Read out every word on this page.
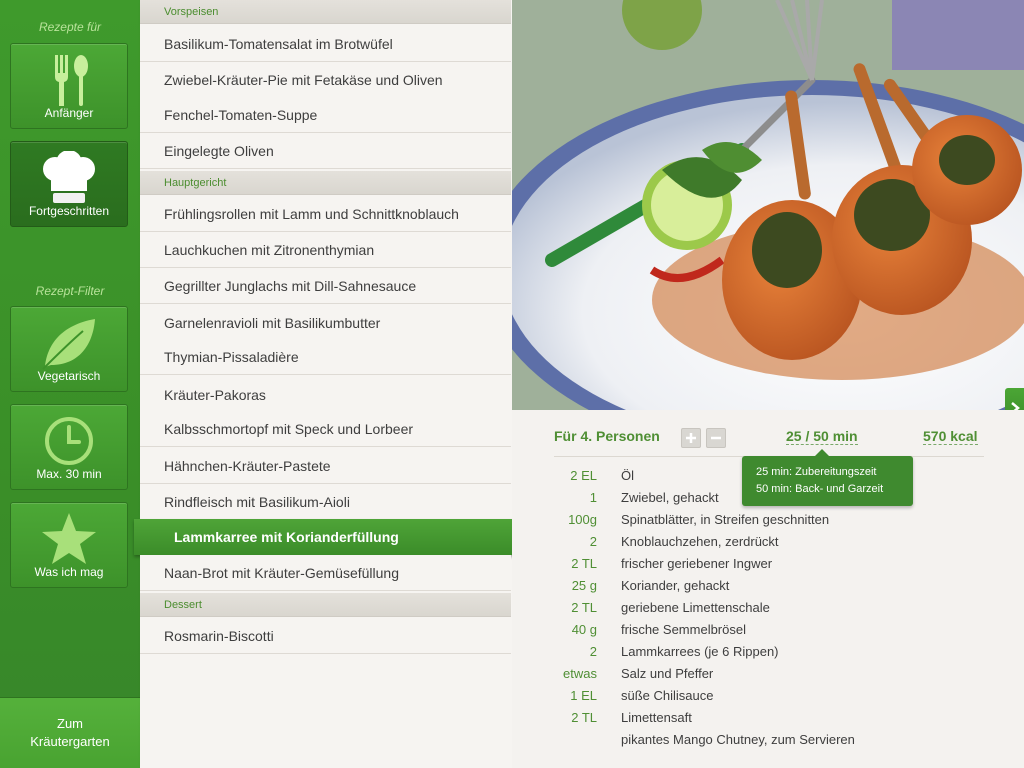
Rezepte für
Anfänger
Fortgeschritten
Rezept-Filter
Vegetarisch
Max. 30 min
Was ich mag
Zum
Kräutergarten
Vorspeisen
Basilikum-Tomatensalat im Brotwüfel
Zwiebel-Kräuter-Pie mit Fetakäse und Oliven
Fenchel-Tomaten-Suppe
Eingelegte Oliven
Hauptgericht
Frühlingsrollen mit Lamm und Schnittknoblauch
Lauchkuchen mit Zitronenthymian
Gegrillter Junglachs mit Dill-Sahnesauce
Garnelenravioli mit Basilikumbutter
Thymian-Pissaladière
Kräuter-Pakoras
Kalbsschmortopf mit Speck und Lorbeer
Hähnchen-Kräuter-Pastete
Rindfleisch mit Basilikum-Aioli
Lammkarree mit Korianderfüllung
Naan-Brot mit Kräuter-Gemüsefüllung
Dessert
Rosmarin-Biscotti
Für 4. Personen	25 / 50 min	570 kcal
25 min: Zubereitungszeit
50 min: Back- und Garzeit
2 EL Öl
1 Zwiebel, gehackt
100g Spinatblätter, in Streifen geschnitten
2 Knoblauchzehen, zerdrückt
2 TL frischer geriebener Ingwer
25 g Koriander, gehackt
2 TL geriebene Limettenschale
40 g frische Semmelbrösel
2 Lammkarrees (je 6 Rippen)
etwas Salz und Pfeffer
1 EL süße Chilisauce
2 TL Limettensaft
pikantes Mango Chutney, zum Servieren
